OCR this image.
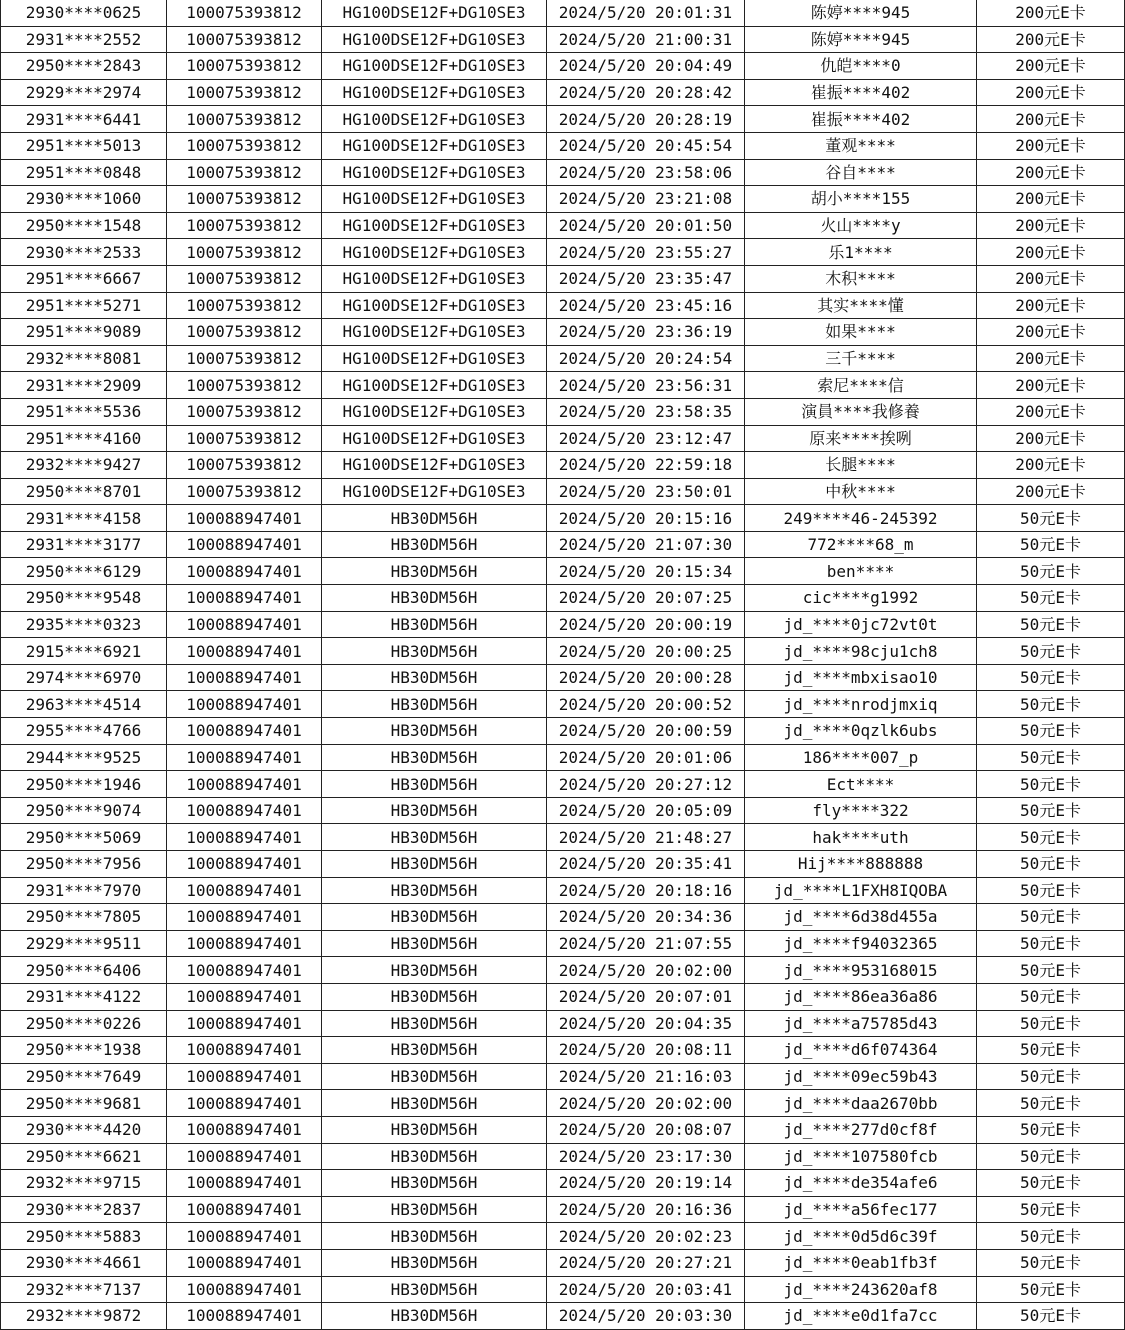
2930****0625	100075393812	HG100DSE12F+DG10SE3	2024/5/20 20:01:31	陈婷****945	200元E卡
2931****2552	100075393812	HG100DSE12F+DG10SE3	2024/5/20 21:00:31	陈婷****945	200元E卡
2950****2843	100075393812	HG100DSE12F+DG10SE3	2024/5/20 20:04:49	仇皑****0	200元E卡
2929****2974	100075393812	HG100DSE12F+DG10SE3	2024/5/20 20:28:42	崔振****402	200元E卡
2931****6441	100075393812	HG100DSE12F+DG10SE3	2024/5/20 20:28:19	崔振****402	200元E卡
2951****5013	100075393812	HG100DSE12F+DG10SE3	2024/5/20 20:45:54	董观****	200元E卡
2951****0848	100075393812	HG100DSE12F+DG10SE3	2024/5/20 23:58:06	谷自****	200元E卡
2930****1060	100075393812	HG100DSE12F+DG10SE3	2024/5/20 23:21:08	胡小****155	200元E卡
2950****1548	100075393812	HG100DSE12F+DG10SE3	2024/5/20 20:01:50	火山****y	200元E卡
2930****2533	100075393812	HG100DSE12F+DG10SE3	2024/5/20 23:55:27	乐1****	200元E卡
2951****6667	100075393812	HG100DSE12F+DG10SE3	2024/5/20 23:35:47	木积****	200元E卡
2951****5271	100075393812	HG100DSE12F+DG10SE3	2024/5/20 23:45:16	其实****懂	200元E卡
2951****9089	100075393812	HG100DSE12F+DG10SE3	2024/5/20 23:36:19	如果****	200元E卡
2932****8081	100075393812	HG100DSE12F+DG10SE3	2024/5/20 20:24:54	三千****	200元E卡
2931****2909	100075393812	HG100DSE12F+DG10SE3	2024/5/20 23:56:31	索尼****信	200元E卡
2951****5536	100075393812	HG100DSE12F+DG10SE3	2024/5/20 23:58:35	演員****我修養	200元E卡
2951****4160	100075393812	HG100DSE12F+DG10SE3	2024/5/20 23:12:47	原来****挨咧	200元E卡
2932****9427	100075393812	HG100DSE12F+DG10SE3	2024/5/20 22:59:18	长腿****	200元E卡
2950****8701	100075393812	HG100DSE12F+DG10SE3	2024/5/20 23:50:01	中秋****	200元E卡
2931****4158	100088947401	HB30DM56H	2024/5/20 20:15:16	249****46-245392	50元E卡
2931****3177	100088947401	HB30DM56H	2024/5/20 21:07:30	772****68_m	50元E卡
2950****6129	100088947401	HB30DM56H	2024/5/20 20:15:34	ben****	50元E卡
2950****9548	100088947401	HB30DM56H	2024/5/20 20:07:25	cic****g1992	50元E卡
2935****0323	100088947401	HB30DM56H	2024/5/20 20:00:19	jd_****0jc72vt0t	50元E卡
2915****6921	100088947401	HB30DM56H	2024/5/20 20:00:25	jd_****98cju1ch8	50元E卡
2974****6970	100088947401	HB30DM56H	2024/5/20 20:00:28	jd_****mbxisao10	50元E卡
2963****4514	100088947401	HB30DM56H	2024/5/20 20:00:52	jd_****nrodjmxiq	50元E卡
2955****4766	100088947401	HB30DM56H	2024/5/20 20:00:59	jd_****0qzlk6ubs	50元E卡
2944****9525	100088947401	HB30DM56H	2024/5/20 20:01:06	186****007_p	50元E卡
2950****1946	100088947401	HB30DM56H	2024/5/20 20:27:12	Ect****	50元E卡
2950****9074	100088947401	HB30DM56H	2024/5/20 20:05:09	fly****322	50元E卡
2950****5069	100088947401	HB30DM56H	2024/5/20 21:48:27	hak****uth	50元E卡
2950****7956	100088947401	HB30DM56H	2024/5/20 20:35:41	Hij****888888	50元E卡
2931****7970	100088947401	HB30DM56H	2024/5/20 20:18:16	jd_****L1FXH8IQOBA	50元E卡
2950****7805	100088947401	HB30DM56H	2024/5/20 20:34:36	jd_****6d38d455a	50元E卡
2929****9511	100088947401	HB30DM56H	2024/5/20 21:07:55	jd_****f94032365	50元E卡
2950****6406	100088947401	HB30DM56H	2024/5/20 20:02:00	jd_****953168015	50元E卡
2931****4122	100088947401	HB30DM56H	2024/5/20 20:07:01	jd_****86ea36a86	50元E卡
2950****0226	100088947401	HB30DM56H	2024/5/20 20:04:35	jd_****a75785d43	50元E卡
2950****1938	100088947401	HB30DM56H	2024/5/20 20:08:11	jd_****d6f074364	50元E卡
2950****7649	100088947401	HB30DM56H	2024/5/20 21:16:03	jd_****09ec59b43	50元E卡
2950****9681	100088947401	HB30DM56H	2024/5/20 20:02:00	jd_****daa2670bb	50元E卡
2930****4420	100088947401	HB30DM56H	2024/5/20 20:08:07	jd_****277d0cf8f	50元E卡
2950****6621	100088947401	HB30DM56H	2024/5/20 23:17:30	jd_****107580fcb	50元E卡
2932****9715	100088947401	HB30DM56H	2024/5/20 20:19:14	jd_****de354afe6	50元E卡
2930****2837	100088947401	HB30DM56H	2024/5/20 20:16:36	jd_****a56fec177	50元E卡
2950****5883	100088947401	HB30DM56H	2024/5/20 20:02:23	jd_****0d5d6c39f	50元E卡
2930****4661	100088947401	HB30DM56H	2024/5/20 20:27:21	jd_****0eab1fb3f	50元E卡
2932****7137	100088947401	HB30DM56H	2024/5/20 20:03:41	jd_****243620af8	50元E卡
2932****9872	100088947401	HB30DM56H	2024/5/20 20:03:30	jd_****e0d1fa7cc	50元E卡
